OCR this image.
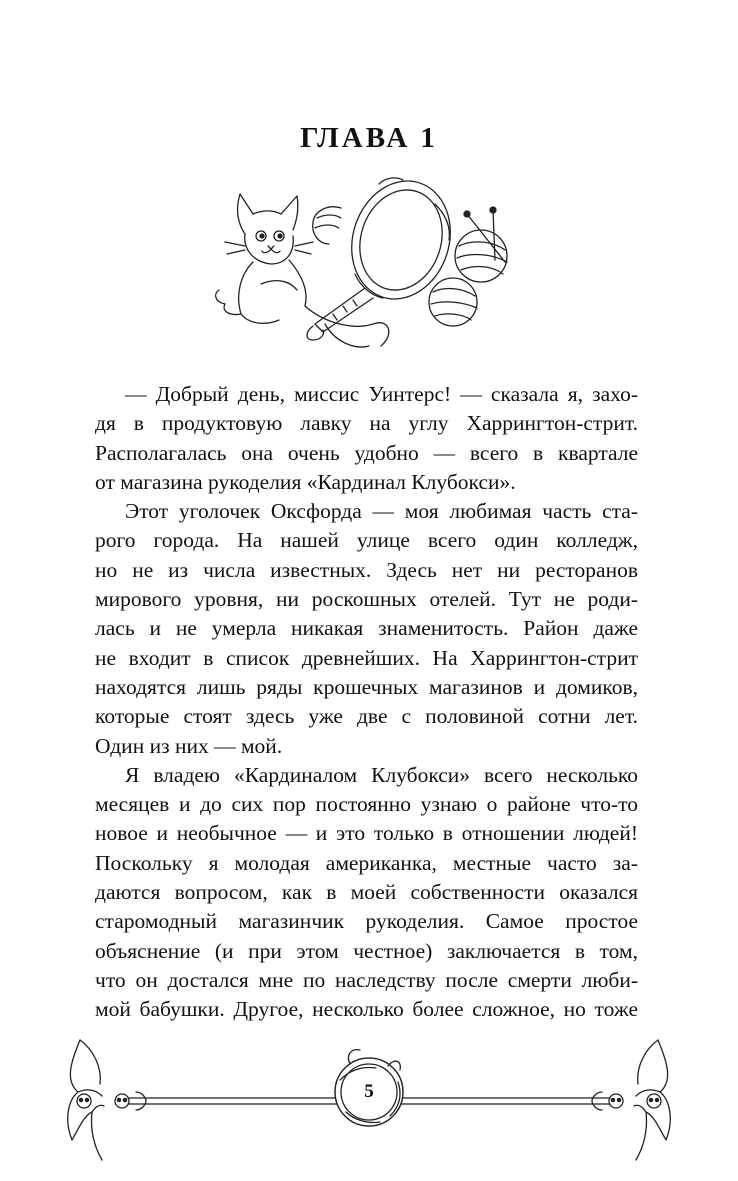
ГЛАВА 1
— Добрый день, миссис Уинтерс! — сказала я, захо-
дя в продуктовую лавку на углу Харрингтон-стрит.
Располагалась она очень удобно — всего в квартале
от магазина рукоделия «Кардинал Клубокси».
Этот уголочек Оксфорда — моя любимая часть ста-
рого города. На нашей улице всего один колледж,
но не из числа известных. Здесь нет ни ресторанов
мирового уровня, ни роскошных отелей. Тут не роди-
лась и не умерла никакая знаменитость. Район даже
не входит в список древнейших. На Харрингтон-стрит
находятся лишь ряды крошечных магазинов и домиков,
которые стоят здесь уже две с половиной сотни лет.
Один из них — мой.
Я владею «Кардиналом Клубокси» всего несколько
месяцев и до сих пор постоянно узнаю о районе что-то
новое и необычное — и это только в отношении людей!
Поскольку я молодая американка, местные часто за-
даются вопросом, как в моей собственности оказался
старомодный магазинчик рукоделия. Самое простое
объяснение (и при этом честное) заключается в том,
что он достался мне по наследству после смерти люби-
мой бабушки. Другое, несколько более сложное, но тоже
5
